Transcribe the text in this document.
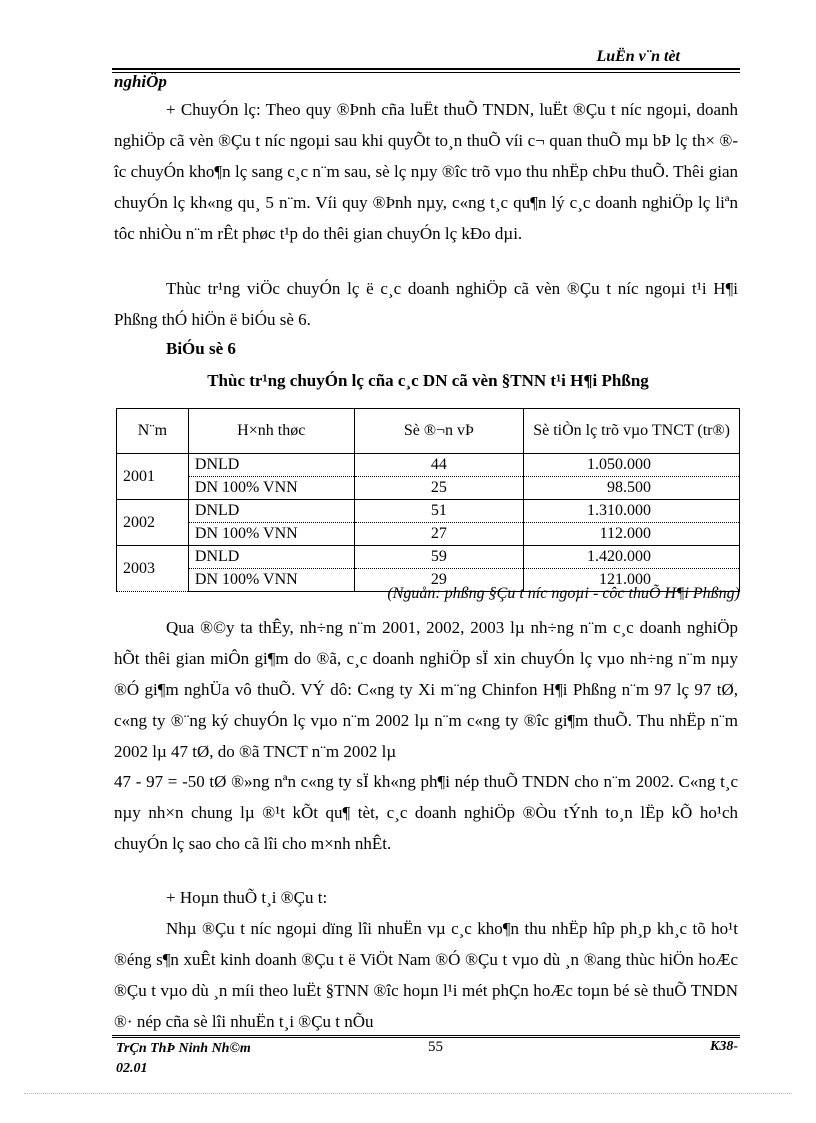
LuËn v¨n tèt
nghiÖp

+ ChuyÓn lç: Theo quy ®Þnh cña luËt thuÕ TNDN, luËt ®Çu t níc ngoµi, doanh nghiÖp cã vèn ®Çu t níc ngoµi sau khi quyÕt to¸n thuÕ víi c¬ quan thuÕ mµ bÞ lç th× ®îc chuyÓn kho¶n lç sang c¸c n¨m sau, sè lç nµy ®îc trõ vµo thu nhËp chÞu thuÕ. Thêi gian chuyÓn lç kh«ng qu¸ 5 n¨m. Víi quy ®Þnh nµy, c«ng t¸c qu¶n lý c¸c doanh nghiÖp lç liªn tôc nhiÒu n¨m rÊt phøc t¹p do thêi gian chuyÓn lç kÐo dµi.

Thùc tr¹ng viÖc chuyÓn lç ë c¸c doanh nghiÖp cã vèn ®Çu t níc ngoµi t¹i H¶i Phßng thÓ hiÖn ë biÓu sè 6.

BiÓu sè 6
Thùc tr¹ng chuyÓn lç cña c¸c DN cã vèn §TNN t¹i H¶i Phßng
N¨m	H×nh thøc	Sè ®¬n vÞ	Sè tiÒn lç trõ vµo TNCT (tr®)
2001	DNLD	44	1.050.000
	DN 100% VNN	25	98.500
2002	DNLD	51	1.310.000
	DN 100% VNN	27	112.000
2003	DNLD	59	1.420.000
	DN 100% VNN	29	121.000
(Nguån: phßng §Çu t níc ngoµi - côc thuÕ H¶i Phßng)

Qua ®©y ta thÊy, nh÷ng n¨m 2001, 2002, 2003 lµ nh÷ng n¨m c¸c doanh nghiÖp hÕt thêi gian miÔn gi¶m do ®ã, c¸c doanh nghiÖp sÏ xin chuyÓn lç vµo nh÷ng n¨m nµy ®Ó gi¶m nghÜa vô thuÕ. VÝ dô: C«ng ty Xi m¨ng Chinfon H¶i Phßng n¨m 97 lç 97 tØ, c«ng ty ®¨ng ký chuyÓn lç vµo n¨m 2002 lµ n¨m c«ng ty ®îc gi¶m thuÕ. Thu nhËp n¨m 2002 lµ 47 tØ, do ®ã TNCT n¨m 2002 lµ

47 - 97 = -50 tØ ®»ng nªn c«ng ty sÏ kh«ng ph¶i nép thuÕ TNDN cho n¨m 2002. C«ng t¸c nµy nh×n chung lµ ®¹t kÕt qu¶ tèt, c¸c doanh nghiÖp ®Òu tÝnh to¸n lËp kÕ ho¹ch chuyÓn lç sao cho cã lîi cho m×nh nhÊt.

+ Hoµn thuÕ t¸i ®Çu t:

Nhµ ®Çu t níc ngoµi dïng lîi nhuËn vµ c¸c kho¶n thu nhËp hîp ph¸p kh¸c tõ ho¹t ®éng s¶n xuÊt kinh doanh ®Çu t ë ViÖt Nam ®Ó ®Çu t vµo dù ¸n ®ang thùc hiÖn hoÆc ®Çu t vµo dù ¸n míi theo luËt §TNN ®îc hoµn l¹i mét phÇn hoÆc toµn bé sè thuÕ TNDN ®· nép cña sè lîi nhuËn t¸i ®Çu t nÕu

TrÇn ThÞ Ninh Nh©m
02.01
55	K38-
